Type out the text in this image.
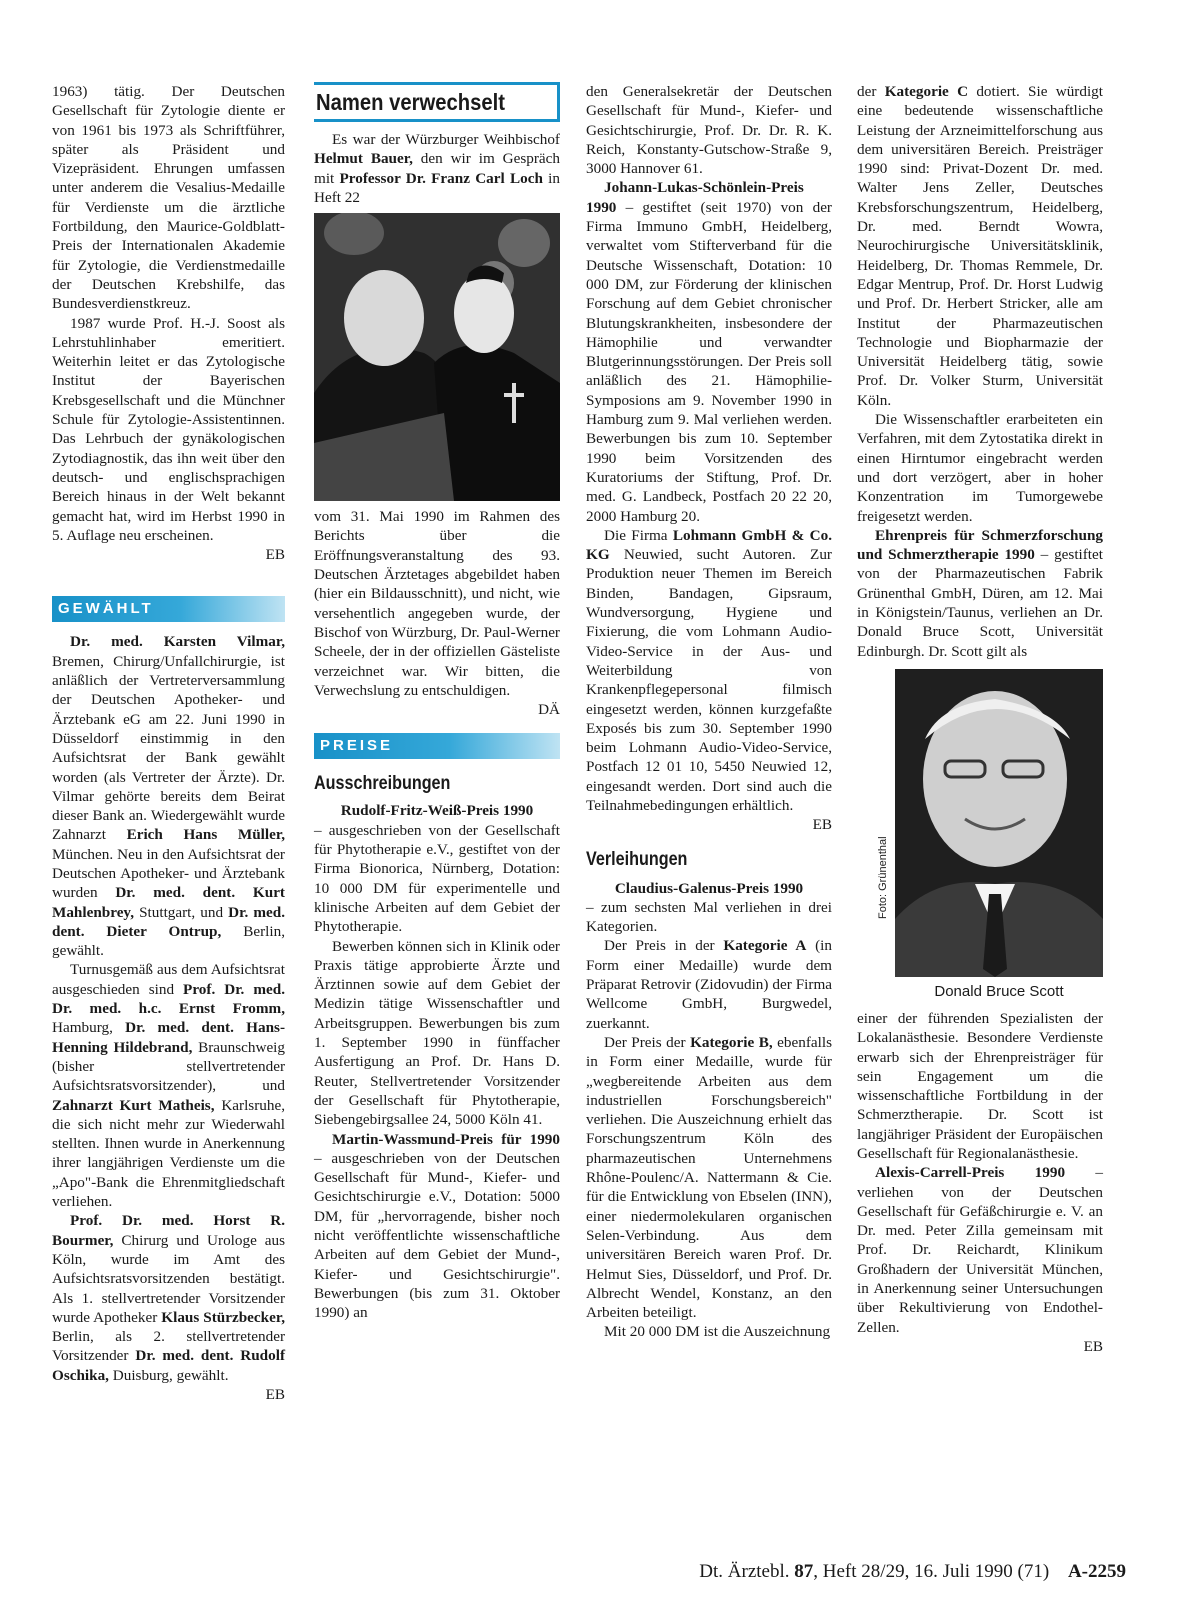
1963) tätig. Der Deutschen Gesellschaft für Zytologie diente er von 1961 bis 1973 als Schriftführer, später als Präsident und Vizepräsident. Ehrungen umfassen unter anderem die Vesalius-Medaille für Verdienste um die ärztliche Fortbildung, den Maurice-Goldblatt-Preis der Internationalen Akademie für Zytologie, die Verdienstmedaille der Deutschen Krebshilfe, das Bundesverdienstkreuz.

1987 wurde Prof. H.-J. Soost als Lehrstuhlinhaber emeritiert. Weiterhin leitet er das Zytologische Institut der Bayerischen Krebsgesellschaft und die Münchner Schule für Zytologie-Assistentinnen. Das Lehrbuch der gynäkologischen Zytodiagnostik, das ihn weit über den deutsch- und englischsprachigen Bereich hinaus in der Welt bekannt gemacht hat, wird im Herbst 1990 in 5. Auflage neu erscheinen.
EB

GEWÄHLT

Dr. med. Karsten Vilmar, Bremen, Chirurg/Unfallchirurgie, ist anläßlich der Vertreterversammlung der Deutschen Apotheker- und Ärztebank eG am 22. Juni 1990 in Düsseldorf einstimmig in den Aufsichtsrat der Bank gewählt worden (als Vertreter der Ärzte). Dr. Vilmar gehörte bereits dem Beirat dieser Bank an. Wiedergewählt wurde Zahnarzt Erich Hans Müller, München. Neu in den Aufsichtsrat der Deutschen Apotheker- und Ärztebank wurden Dr. med. dent. Kurt Mahlenbrey, Stuttgart, und Dr. med. dent. Dieter Ontrup, Berlin, gewählt.

Turnusgemäß aus dem Aufsichtsrat ausgeschieden sind Prof. Dr. med. Dr. med. h.c. Ernst Fromm, Hamburg, Dr. med. dent. Hans-Henning Hildebrand, Braunschweig (bisher stellvertretender Aufsichtsratsvorsitzender), und Zahnarzt Kurt Matheis, Karlsruhe, die sich nicht mehr zur Wiederwahl stellten. Ihnen wurde in Anerkennung ihrer langjährigen Verdienste um die „Apo"-Bank die Ehrenmitgliedschaft verliehen.

Prof. Dr. med. Horst R. Bourmer, Chirurg und Urologe aus Köln, wurde im Amt des Aufsichtsratsvorsitzenden bestätigt. Als 1. stellvertretender Vorsitzender wurde Apotheker Klaus Stürzbecker, Berlin, als 2. stellvertretender Vorsitzender Dr. med. dent. Rudolf Oschika, Duisburg, gewählt.
EB

Namen verwechselt

Es war der Würzburger Weihbischof Helmut Bauer, den wir im Gespräch mit Professor Dr. Franz Carl Loch in Heft 22

vom 31. Mai 1990 im Rahmen des Berichts über die Eröffnungsveranstaltung des 93. Deutschen Ärztetages abgebildet haben (hier ein Bildausschnitt), und nicht, wie versehentlich angegeben wurde, der Bischof von Würzburg, Dr. Paul-Werner Scheele, der in der offiziellen Gästeliste verzeichnet war. Wir bitten, die Verwechslung zu entschuldigen.
DÄ

PREISE

Ausschreibungen

Rudolf-Fritz-Weiß-Preis 1990

– ausgeschrieben von der Gesellschaft für Phytotherapie e.V., gestiftet von der Firma Bionorica, Nürnberg, Dotation: 10 000 DM für experimentelle und klinische Arbeiten auf dem Gebiet der Phytotherapie.

Bewerben können sich in Klinik oder Praxis tätige approbierte Ärzte und Ärztinnen sowie auf dem Gebiet der Medizin tätige Wissenschaftler und Arbeitsgruppen. Bewerbungen bis zum 1. September 1990 in fünffacher Ausfertigung an Prof. Dr. Hans D. Reuter, Stellvertretender Vorsitzender der Gesellschaft für Phytotherapie, Siebengebirgsallee 24, 5000 Köln 41.

Martin-Wassmund-Preis für 1990 – ausgeschrieben von der Deutschen Gesellschaft für Mund-, Kiefer- und Gesichtschirurgie e.V., Dotation: 5000 DM, für „hervorragende, bisher noch nicht veröffentlichte wissenschaftliche Arbeiten auf dem Gebiet der Mund-, Kiefer- und Gesichtschirurgie". Bewerbungen (bis zum 31. Oktober 1990) an

den Generalsekretär der Deutschen Gesellschaft für Mund-, Kiefer- und Gesichtschirurgie, Prof. Dr. Dr. R. K. Reich, Konstanty-Gutschow-Straße 9, 3000 Hannover 61.

Johann-Lukas-Schönlein-Preis 1990 – gestiftet (seit 1970) von der Firma Immuno GmbH, Heidelberg, verwaltet vom Stifterverband für die Deutsche Wissenschaft, Dotation: 10 000 DM, zur Förderung der klinischen Forschung auf dem Gebiet chronischer Blutungskrankheiten, insbesondere der Hämophilie und verwandter Blutgerinnungsstörungen. Der Preis soll anläßlich des 21. Hämophilie-Symposions am 9. November 1990 in Hamburg zum 9. Mal verliehen werden. Bewerbungen bis zum 10. September 1990 beim Vorsitzenden des Kuratoriums der Stiftung, Prof. Dr. med. G. Landbeck, Postfach 20 22 20, 2000 Hamburg 20.

Die Firma Lohmann GmbH & Co. KG Neuwied, sucht Autoren. Zur Produktion neuer Themen im Bereich Binden, Bandagen, Gipsraum, Wundversorgung, Hygiene und Fixierung, die vom Lohmann Audio-Video-Service in der Aus- und Weiterbildung von Krankenpflegepersonal filmisch eingesetzt werden, können kurzgefaßte Exposés bis zum 30. September 1990 beim Lohmann Audio-Video-Service, Postfach 12 01 10, 5450 Neuwied 12, eingesandt werden. Dort sind auch die Teilnahmebedingungen erhältlich.
EB

Verleihungen

Claudius-Galenus-Preis 1990

– zum sechsten Mal verliehen in drei Kategorien.

Der Preis in der Kategorie A (in Form einer Medaille) wurde dem Präparat Retrovir (Zidovudin) der Firma Wellcome GmbH, Burgwedel, zuerkannt.

Der Preis der Kategorie B, ebenfalls in Form einer Medaille, wurde für „wegbereitende Arbeiten aus dem industriellen Forschungsbereich" verliehen. Die Auszeichnung erhielt das Forschungszentrum Köln des pharmazeutischen Unternehmens Rhône-Poulenc/A. Nattermann & Cie. für die Entwicklung von Ebselen (INN), einer niedermolekularen organischen Selen-Verbindung. Aus dem universitären Bereich waren Prof. Dr. Helmut Sies, Düsseldorf, und Prof. Dr. Albrecht Wendel, Konstanz, an den Arbeiten beteiligt.

Mit 20 000 DM ist die Auszeichnung

der Kategorie C dotiert. Sie würdigt eine bedeutende wissenschaftliche Leistung der Arzneimittelforschung aus dem universitären Bereich. Preisträger 1990 sind: Privat-Dozent Dr. med. Walter Jens Zeller, Deutsches Krebsforschungszentrum, Heidelberg, Dr. med. Berndt Wowra, Neurochirurgische Universitätsklinik, Heidelberg, Dr. Thomas Remmele, Dr. Edgar Mentrup, Prof. Dr. Horst Ludwig und Prof. Dr. Herbert Stricker, alle am Institut der Pharmazeutischen Technologie und Biopharmazie der Universität Heidelberg tätig, sowie Prof. Dr. Volker Sturm, Universität Köln.

Die Wissenschaftler erarbeiteten ein Verfahren, mit dem Zytostatika direkt in einen Hirntumor eingebracht werden und dort verzögert, aber in hoher Konzentration im Tumorgewebe freigesetzt werden.

Ehrenpreis für Schmerzforschung und Schmerztherapie 1990 – gestiftet von der Pharmazeutischen Fabrik Grünenthal GmbH, Düren, am 12. Mai in Königstein/Taunus, verliehen an Dr. Donald Bruce Scott, Universität Edinburgh. Dr. Scott gilt als

Foto: Grünenthal
Donald Bruce Scott

einer der führenden Spezialisten der Lokalanästhesie. Besondere Verdienste erwarb sich der Ehrenpreisträger für sein Engagement um die wissenschaftliche Fortbildung in der Schmerztherapie. Dr. Scott ist langjähriger Präsident der Europäischen Gesellschaft für Regionalanästhesie.

Alexis-Carrell-Preis 1990 – verliehen von der Deutschen Gesellschaft für Gefäßchirurgie e. V. an Dr. med. Peter Zilla gemeinsam mit Prof. Dr. Reichardt, Klinikum Großhadern der Universität München, in Anerkennung seiner Untersuchungen über Rekultivierung von Endothel-Zellen.
EB

Dt. Ärztebl. 87, Heft 28/29, 16. Juli 1990 (71) A-2259
